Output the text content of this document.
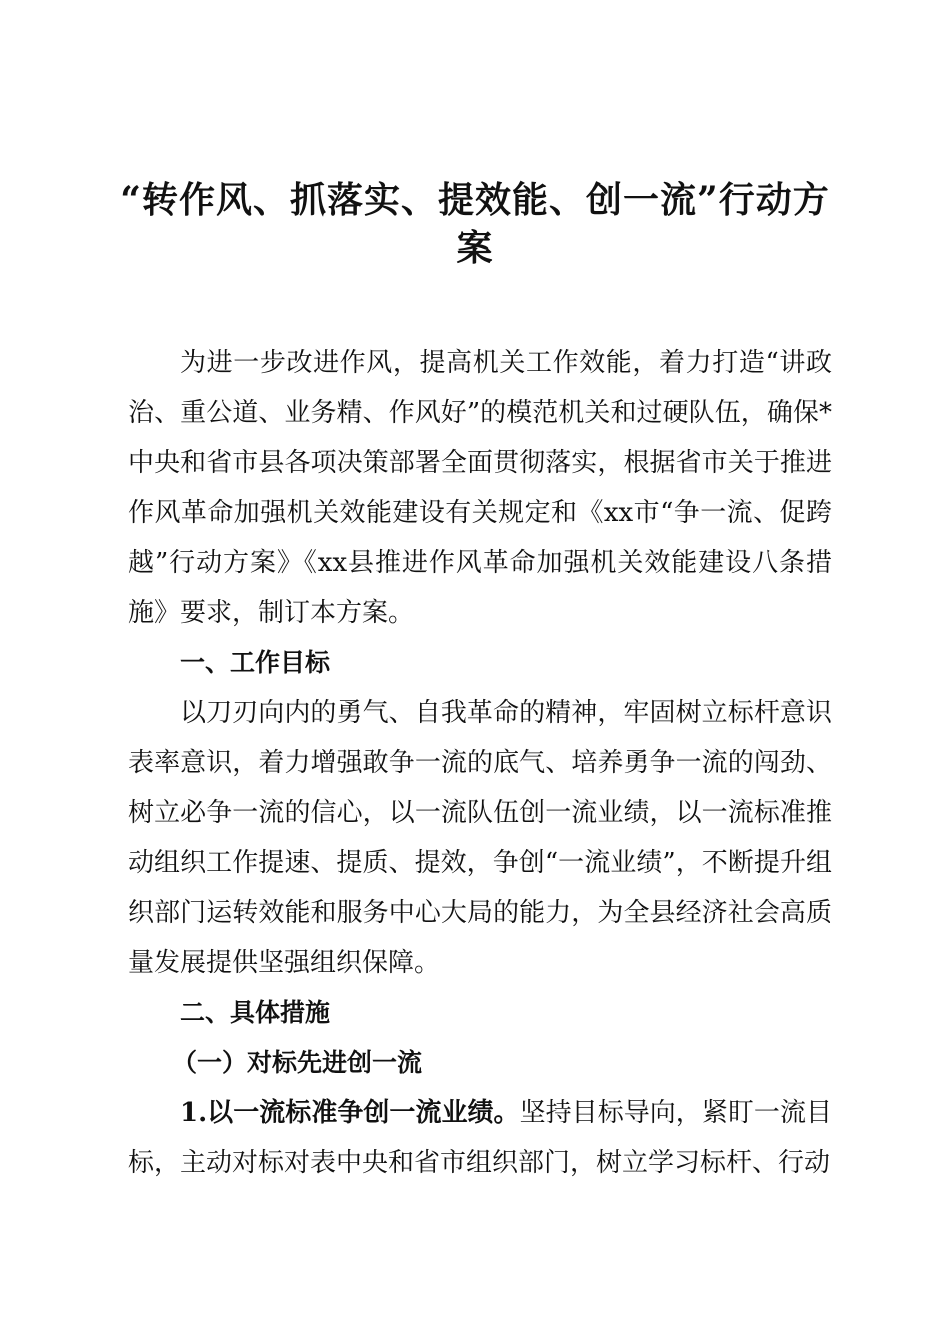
“转作风、抓落实、提效能、创一流”行动方
案

为进一步改进作风，提高机关工作效能，着力打造“讲政治、重公道、业务精、作风好”的模范机关和过硬队伍，确保*中央和省市县各项决策部署全面贯彻落实，根据省市关于推进作风革命加强机关效能建设有关规定和《xx市“争一流、促跨越”行动方案》《xx县推进作风革命加强机关效能建设八条措施》要求，制订本方案。

一、工作目标

以刀刃向内的勇气、自我革命的精神，牢固树立标杆意识表率意识，着力增强敢争一流的底气、培养勇争一流的闯劲、树立必争一流的信心，以一流队伍创一流业绩，以一流标准推动组织工作提速、提质、提效，争创“一流业绩”，不断提升组织部门运转效能和服务中心大局的能力，为全县经济社会高质量发展提供坚强组织保障。

二、具体措施

（一）对标先进创一流

1.以一流标准争创一流业绩。坚持目标导向，紧盯一流目标，主动对标对表中央和省市组织部门，树立学习标杆、行动
